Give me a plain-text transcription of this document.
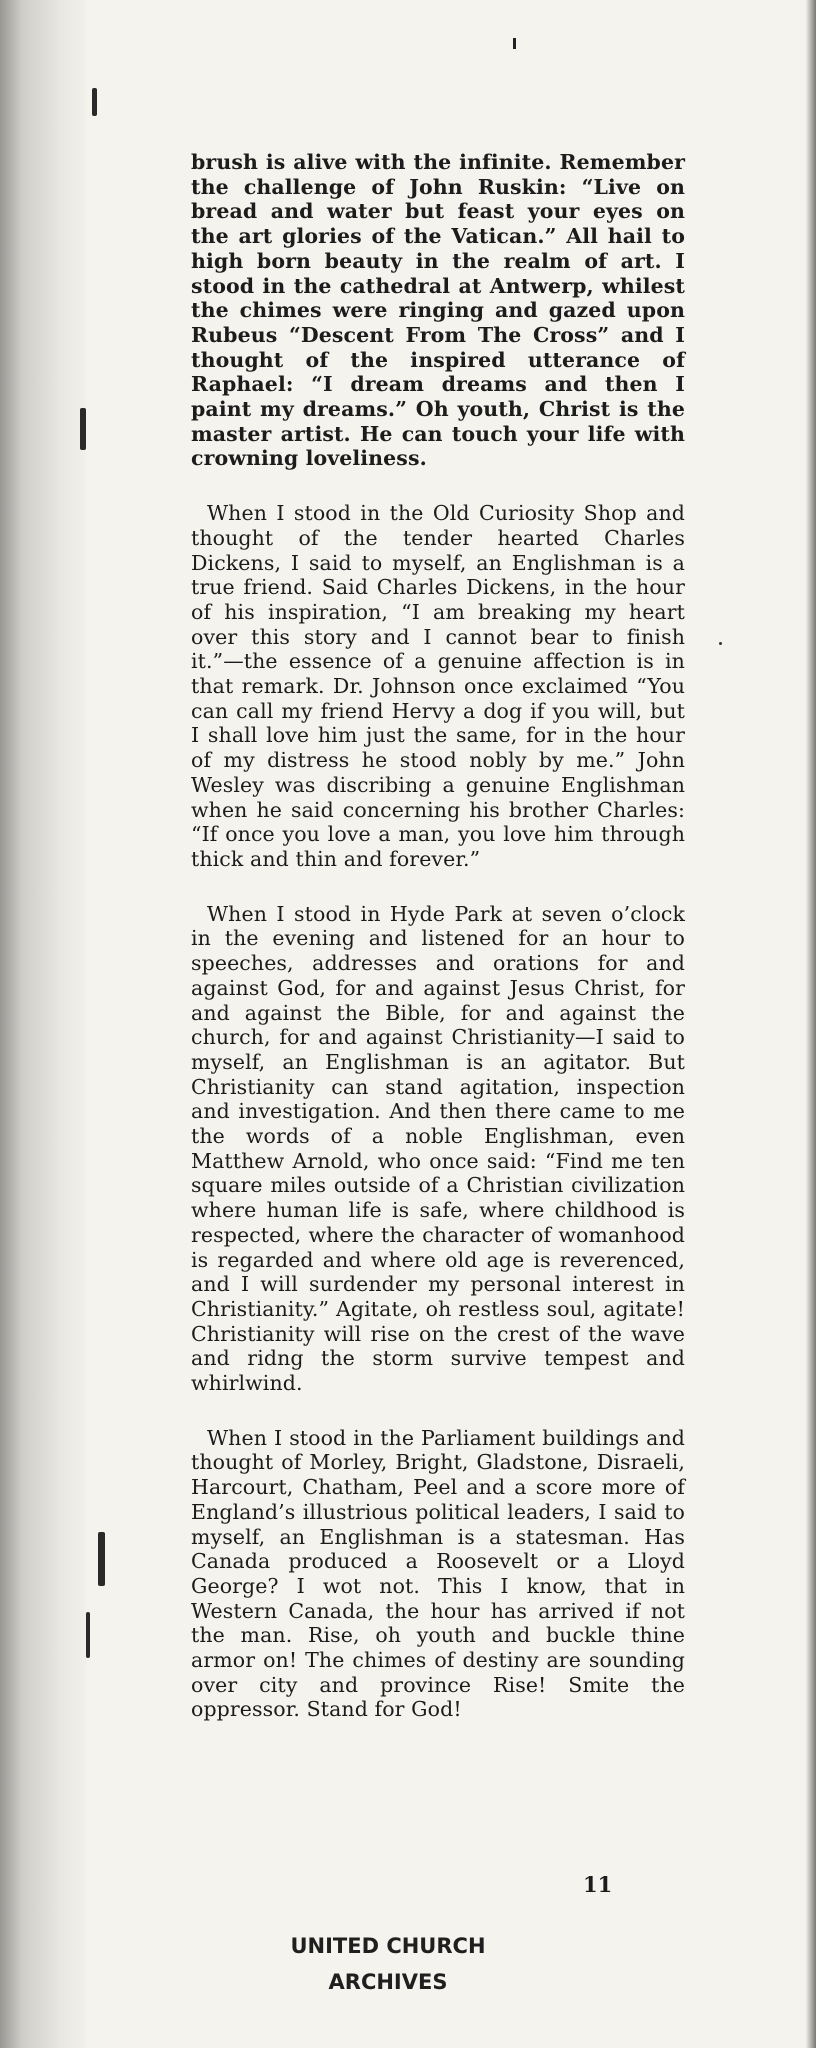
brush is alive with the infinite. Remember the challenge of John Ruskin: “Live on bread and water but feast your eyes on the art glories of the Vatican.” All hail to high born beauty in the realm of art. I stood in the cathedral at Antwerp, whilest the chimes were ringing and gazed upon Rubeus “Descent From The Cross” and I thought of the inspired utterance of Raphael: “I dream dreams and then I paint my dreams.” Oh youth, Christ is the master artist. He can touch your life with crowning loveliness.

When I stood in the Old Curiosity Shop and thought of the tender hearted Charles Dickens, I said to myself, an Englishman is a true friend. Said Charles Dickens, in the hour of his inspiration, “I am breaking my heart over this story and I cannot bear to finish it.”—the essence of a genuine affection is in that remark. Dr. Johnson once exclaimed “You can call my friend Hervy a dog if you will, but I shall love him just the same, for in the hour of my distress he stood nobly by me.” John Wesley was discribing a genuine Englishman when he said concerning his brother Charles: “If once you love a man, you love him through thick and thin and forever.”

When I stood in Hyde Park at seven o’clock in the evening and listened for an hour to speeches, addresses and orations for and against God, for and against Jesus Christ, for and against the Bible, for and against the church, for and against Christianity—I said to myself, an Englishman is an agitator. But Christianity can stand agitation, inspection and investigation. And then there came to me the words of a noble Englishman, even Matthew Arnold, who once said: “Find me ten square miles outside of a Christian civilization where human life is safe, where childhood is respected, where the character of womanhood is regarded and where old age is reverenced, and I will surdender my personal interest in Christianity.” Agitate, oh restless soul, agitate! Christianity will rise on the crest of the wave and ridng the storm survive tempest and whirlwind.

When I stood in the Parliament buildings and thought of Morley, Bright, Gladstone, Disraeli, Harcourt, Chatham, Peel and a score more of England’s illustrious political leaders, I said to myself, an Englishman is a statesman. Has Canada produced a Roosevelt or a Lloyd George? I wot not. This I know, that in Western Canada, the hour has arrived if not the man. Rise, oh youth and buckle thine armor on! The chimes of destiny are sounding over city and province Rise! Smite the oppressor. Stand for God!

11
UNITED CHURCH
ARCHIVES
